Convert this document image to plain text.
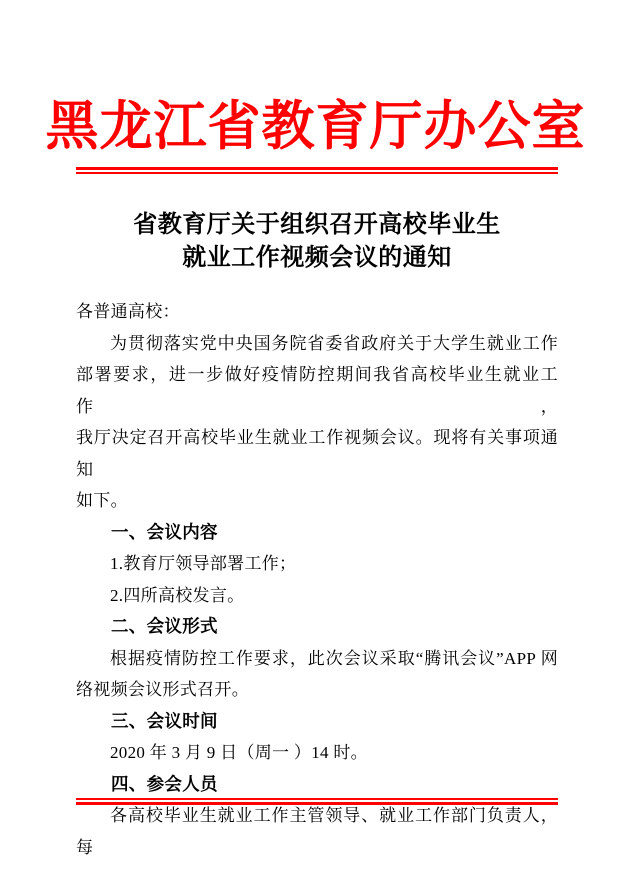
黑龙江省教育厅办公室
省教育厅关于组织召开高校毕业生
就业工作视频会议的通知
各普通高校：
为贯彻落实党中央国务院省委省政府关于大学生就业工作
部署要求，进一步做好疫情防控期间我省高校毕业生就业工作，
我厅决定召开高校毕业生就业工作视频会议。现将有关事项通知
如下。
一、会议内容
1.教育厅领导部署工作；
2.四所高校发言。
二、会议形式
根据疫情防控工作要求，此次会议采取“腾讯会议”APP 网
络视频会议形式召开。
三、会议时间
2020 年 3 月 9 日（周一 ）14 时。
四、参会人员
各高校毕业生就业工作主管领导、就业工作部门负责人，每
